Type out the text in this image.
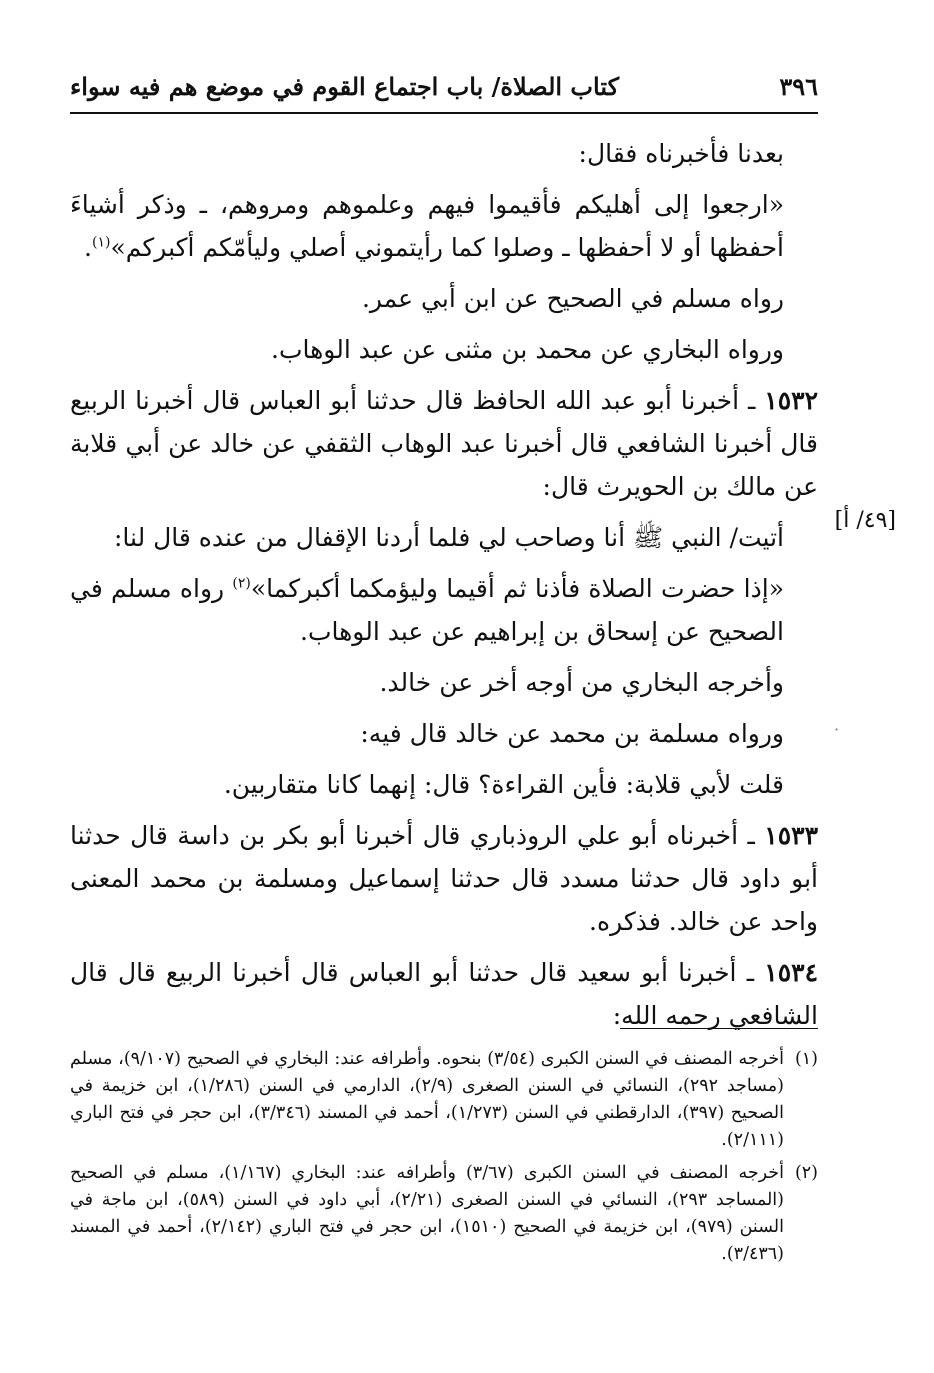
٣٩٦
كتاب الصلاة/ باب اجتماع القوم في موضع هم فيه سواء
[٤٩/ أ]
·

بعدنا فأخبرناه فقال:

«ارجعوا إلى أهليكم فأقيموا فيهم وعلموهم ومروهم، ـ وذكر أشياءَ أحفظها أو لا أحفظها ـ وصلوا كما رأيتموني أصلي وليأمّكم أكبركم»$^{(١)}$.

رواه مسلم في الصحيح عن ابن أبي عمر.

ورواه البخاري عن محمد بن مثنى عن عبد الوهاب.

١٥٣٢ ـ أخبرنا أبو عبد الله الحافظ قال حدثنا أبو العباس قال أخبرنا الربيع قال أخبرنا الشافعي قال أخبرنا عبد الوهاب الثقفي عن خالد عن أبي قلابة عن مالك بن الحويرث قال:

أتيت/ النبي ﷺ أنا وصاحب لي فلما أردنا الإقفال من عنده قال لنا:

«إذا حضرت الصلاة فأذنا ثم أقيما وليؤمكما أكبركما»$^{(٢)}$ رواه مسلم في الصحيح عن إسحاق بن إبراهيم عن عبد الوهاب.

وأخرجه البخاري من أوجه أخر عن خالد.

ورواه مسلمة بن محمد عن خالد قال فيه:

قلت لأبي قلابة: فأين القراءة؟ قال: إنهما كانا متقاربين.

١٥٣٣ ـ أخبرناه أبو علي الروذباري قال أخبرنا أبو بكر بن داسة قال حدثنا أبو داود قال حدثنا مسدد قال حدثنا إسماعيل ومسلمة بن محمد المعنى واحد عن خالد. فذكره.

١٥٣٤ ـ أخبرنا أبو سعيد قال حدثنا أبو العباس قال أخبرنا الربيع قال قال الشافعي رحمه الله:

(١)
أخرجه المصنف في السنن الكبرى (٣/٥٤) بنحوه. وأطرافه عند: البخاري في الصحيح (٩/١٠٧)، مسلم (مساجد ٢٩٢)، النسائي في السنن الصغرى (٢/٩)، الدارمي في السنن (١/٢٨٦)، ابن خزيمة في الصحيح (٣٩٧)، الدارقطني في السنن (١/٢٧٣)، أحمد في المسند (٣/٣٤٦)، ابن حجر في فتح الباري (٢/١١١).
(٢)
أخرجه المصنف في السنن الكبرى (٣/٦٧) وأطرافه عند: البخاري (١/١٦٧)، مسلم في الصحيح (المساجد ٢٩٣)، النسائي في السنن الصغرى (٢/٢١)، أبي داود في السنن (٥٨٩)، ابن ماجة في السنن (٩٧٩)، ابن خزيمة في الصحيح (١٥١٠)، ابن حجر في فتح الباري (٢/١٤٢)، أحمد في المسند (٣/٤٣٦).
